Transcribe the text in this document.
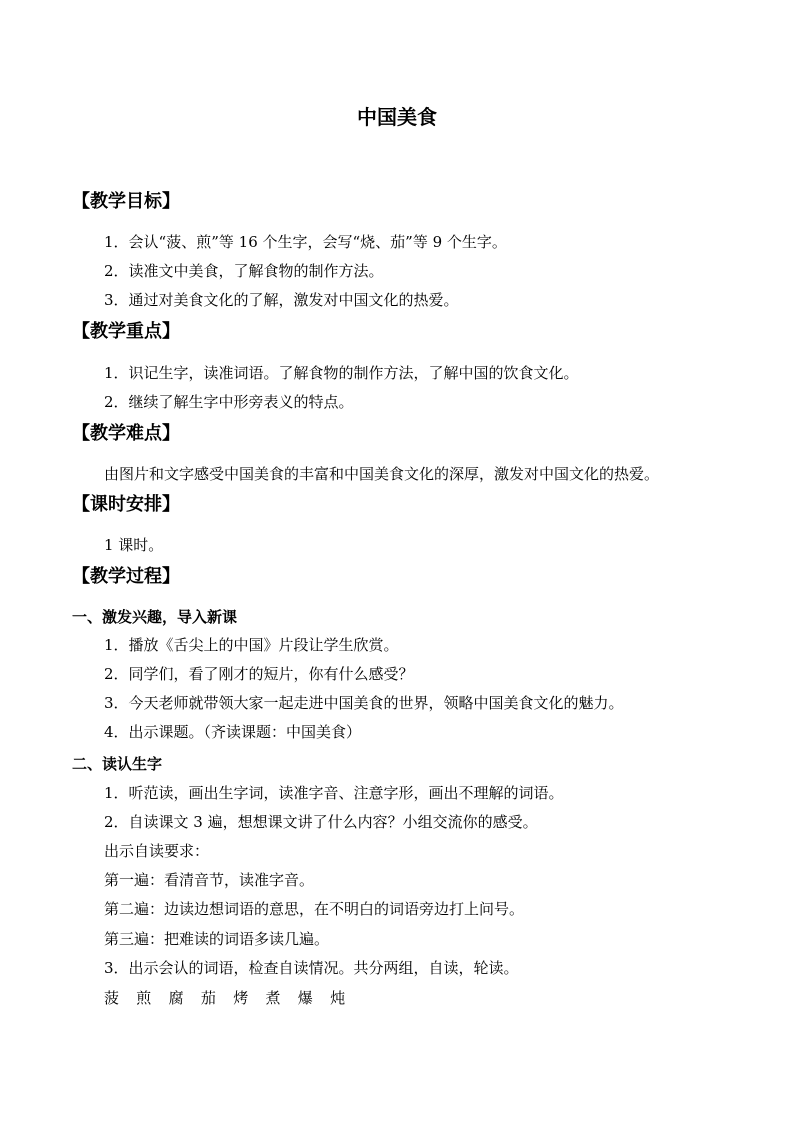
中国美食
【教学目标】
1．会认“菠、煎”等 16 个生字，会写“烧、茄”等 9 个生字。
2．读准文中美食，了解食物的制作方法。
3．通过对美食文化的了解，激发对中国文化的热爱。
【教学重点】
1．识记生字，读准词语。了解食物的制作方法，了解中国的饮食文化。
2．继续了解生字中形旁表义的特点。
【教学难点】
由图片和文字感受中国美食的丰富和中国美食文化的深厚，激发对中国文化的热爱。
【课时安排】
1 课时。
【教学过程】
一、激发兴趣，导入新课
1．播放《舌尖上的中国》片段让学生欣赏。
2．同学们，看了刚才的短片，你有什么感受？
3．今天老师就带领大家一起走进中国美食的世界，领略中国美食文化的魅力。
4．出示课题。（齐读课题：中国美食）
二、读认生字
1．听范读，画出生字词，读准字音、注意字形，画出不理解的词语。
2．自读课文 3 遍，想想课文讲了什么内容？小组交流你的感受。
出示自读要求：
第一遍：看清音节，读准字音。
第二遍：边读边想词语的意思，在不明白的词语旁边打上问号。
第三遍：把难读的词语多读几遍。
3．出示会认的词语，检查自读情况。共分两组，自读，轮读。
菠 煎 腐 茄 烤 煮 爆 炖
